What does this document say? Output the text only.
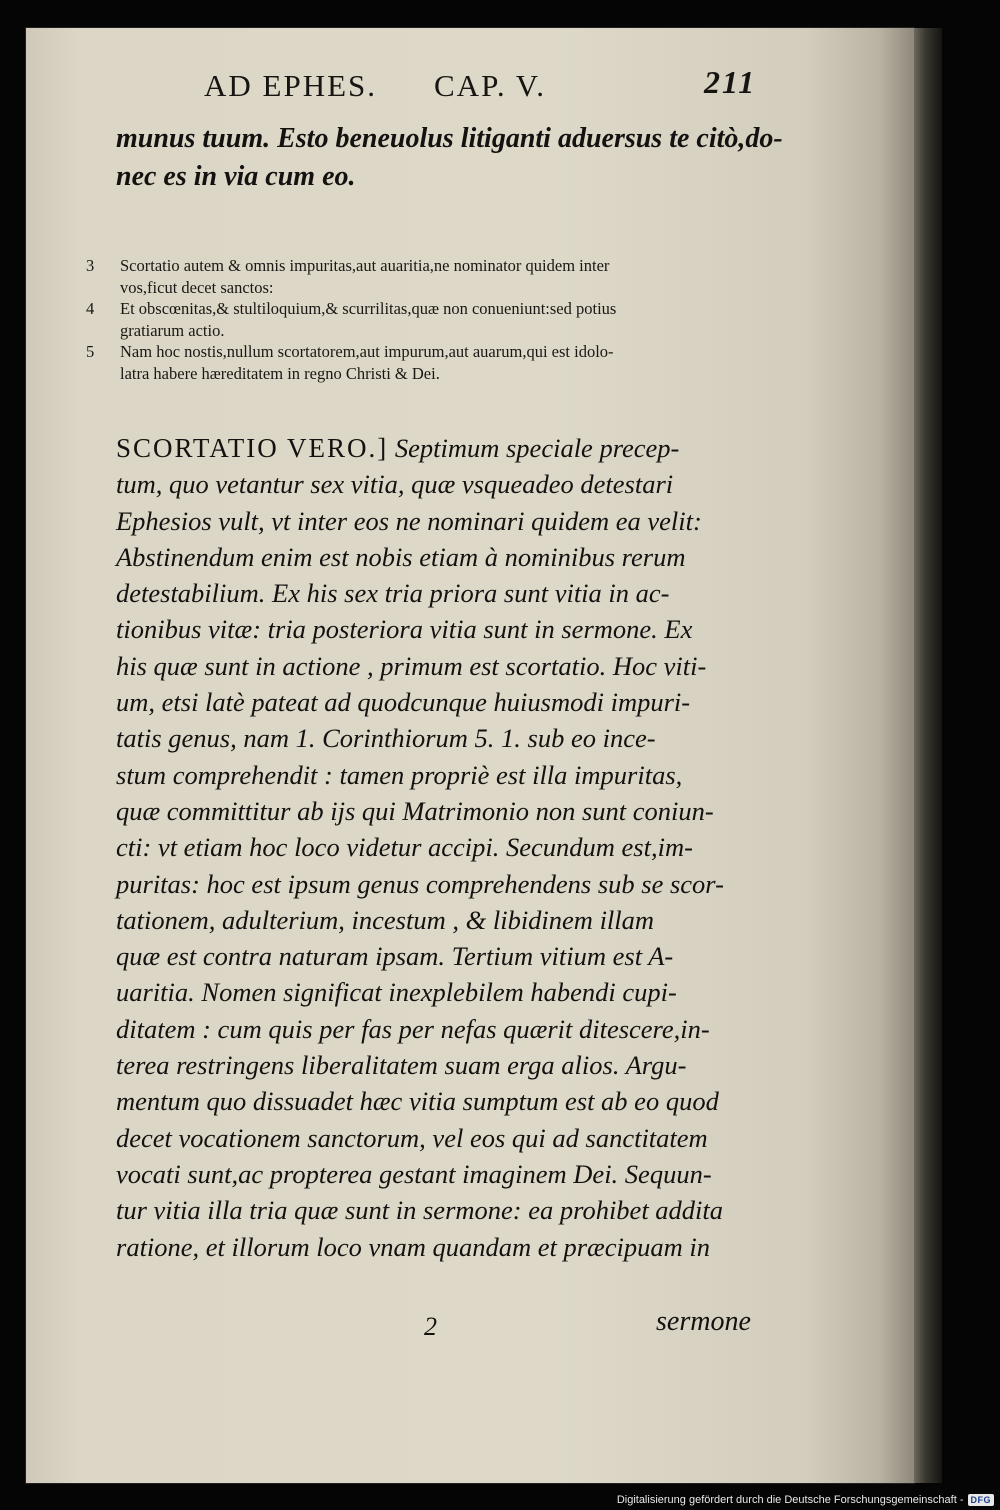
AD EPHES. CAP. V.	211
munus tuum. Esto beneuolus litiganti aduersus te citò,do-
nec es in via cum eo.
3 Scortatio autem & omnis impuritas,aut auaritia,ne nominator quidem inter
vos,ficut decet sanctos:
4 Et obscœnitas,& stultiloquium,& scurrilitas,quæ non conueniunt:sed potius
gratiarum actio.
5 Nam hoc nostis,nullum scortatorem,aut impurum,aut auarum,qui est idolo-
latra habere hæreditatem in regno Christi & Dei.
SCORTATIO VERO.] Septimum speciale precep-
tum, quo vetantur sex vitia, quæ vsqueadeo detestari
Ephesios vult, vt inter eos ne nominari quidem ea velit:
Abstinendum enim est nobis etiam à nominibus rerum
detestabilium. Ex his sex tria priora sunt vitia in ac-
tionibus vitæ: tria posteriora vitia sunt in sermone. Ex
his quæ sunt in actione , primum est scortatio. Hoc viti-
um, etsi latè pateat ad quodcunque huiusmodi impuri-
tatis genus, nam 1. Corinthiorum 5. 1. sub eo ince-
stum comprehendit : tamen propriè est illa impuritas,
quæ committitur ab ijs qui Matrimonio non sunt coniun-
cti: vt etiam hoc loco videtur accipi. Secundum est,im-
puritas: hoc est ipsum genus comprehendens sub se scor-
tationem, adulterium, incestum , & libidinem illam
quæ est contra naturam ipsam. Tertium vitium est A-
uaritia. Nomen significat inexplebilem habendi cupi-
ditatem : cum quis per fas per nefas quærit ditescere,in-
terea restringens liberalitatem suam erga alios. Argu-
mentum quo dissuadet hæc vitia sumptum est ab eo quod
decet vocationem sanctorum, vel eos qui ad sanctitatem
vocati sunt,ac propterea gestant imaginem Dei. Sequun-
tur vitia illa tria quæ sunt in sermone: ea prohibet addita
ratione, et illorum loco vnam quandam et præcipuam in
2	sermone
Digitalisierung gefördert durch die Deutsche Forschungsgemeinschaft - DFG
